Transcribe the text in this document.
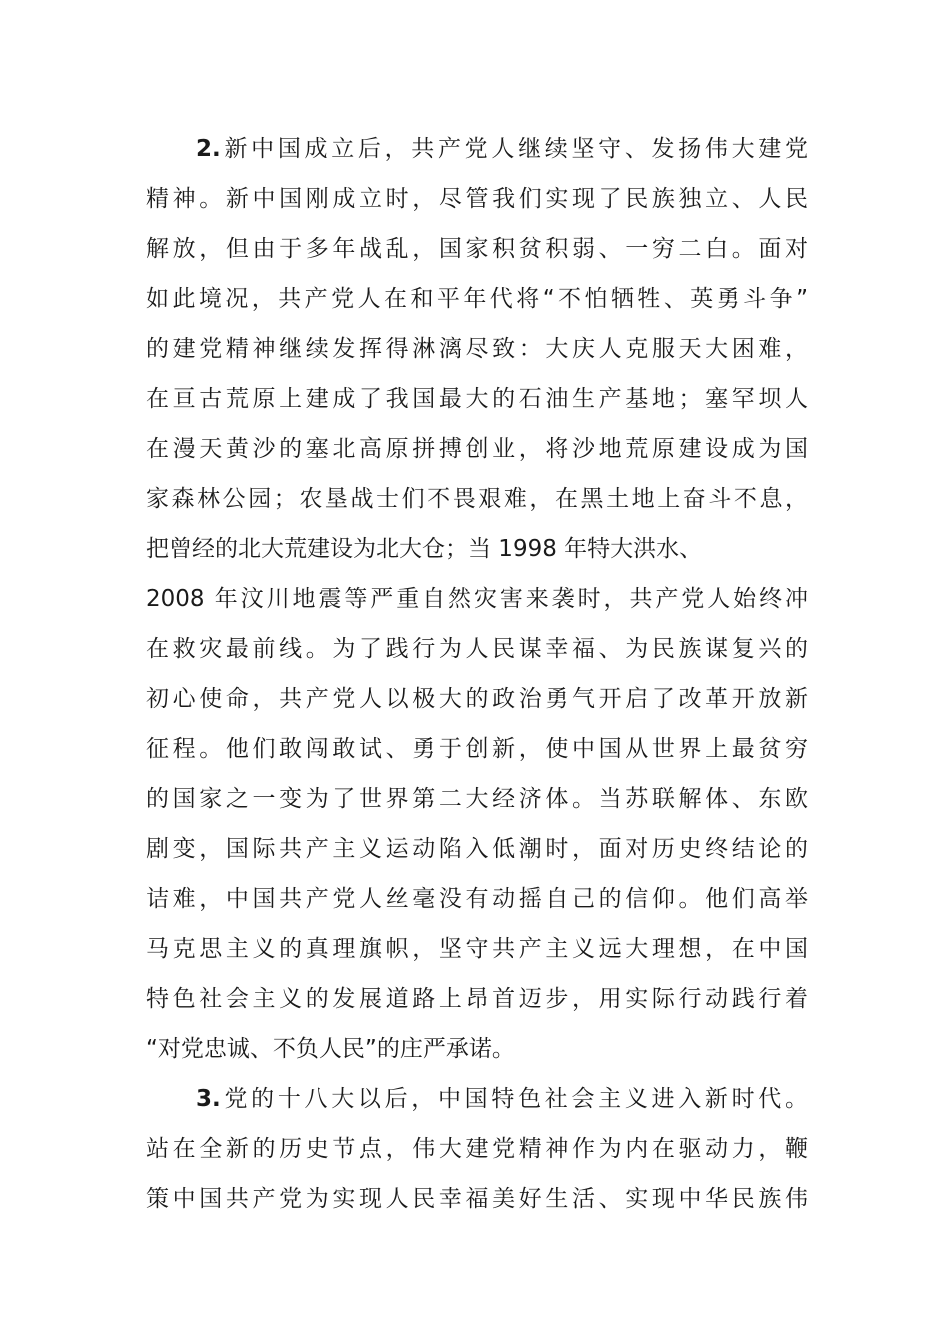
2.新中国成立后，共产党人继续坚守、发扬伟大建党
精神。新中国刚成立时，尽管我们实现了民族独立、人民
解放，但由于多年战乱，国家积贫积弱、一穷二白。面对
如此境况，共产党人在和平年代将“不怕牺牲、英勇斗争”
的建党精神继续发挥得淋漓尽致：大庆人克服天大困难，
在亘古荒原上建成了我国最大的石油生产基地；塞罕坝人
在漫天黄沙的塞北高原拼搏创业，将沙地荒原建设成为国
家森林公园；农垦战士们不畏艰难，在黑土地上奋斗不息，
把曾经的北大荒建设为北大仓；当 1998 年特大洪水、
2008 年汶川地震等严重自然灾害来袭时，共产党人始终冲
在救灾最前线。为了践行为人民谋幸福、为民族谋复兴的
初心使命，共产党人以极大的政治勇气开启了改革开放新
征程。他们敢闯敢试、勇于创新，使中国从世界上最贫穷
的国家之一变为了世界第二大经济体。当苏联解体、东欧
剧变，国际共产主义运动陷入低潮时，面对历史终结论的
诘难，中国共产党人丝毫没有动摇自己的信仰。他们高举
马克思主义的真理旗帜，坚守共产主义远大理想，在中国
特色社会主义的发展道路上昂首迈步，用实际行动践行着
“对党忠诚、不负人民”的庄严承诺。
3.党的十八大以后，中国特色社会主义进入新时代。
站在全新的历史节点，伟大建党精神作为内在驱动力，鞭
策中国共产党为实现人民幸福美好生活、实现中华民族伟
